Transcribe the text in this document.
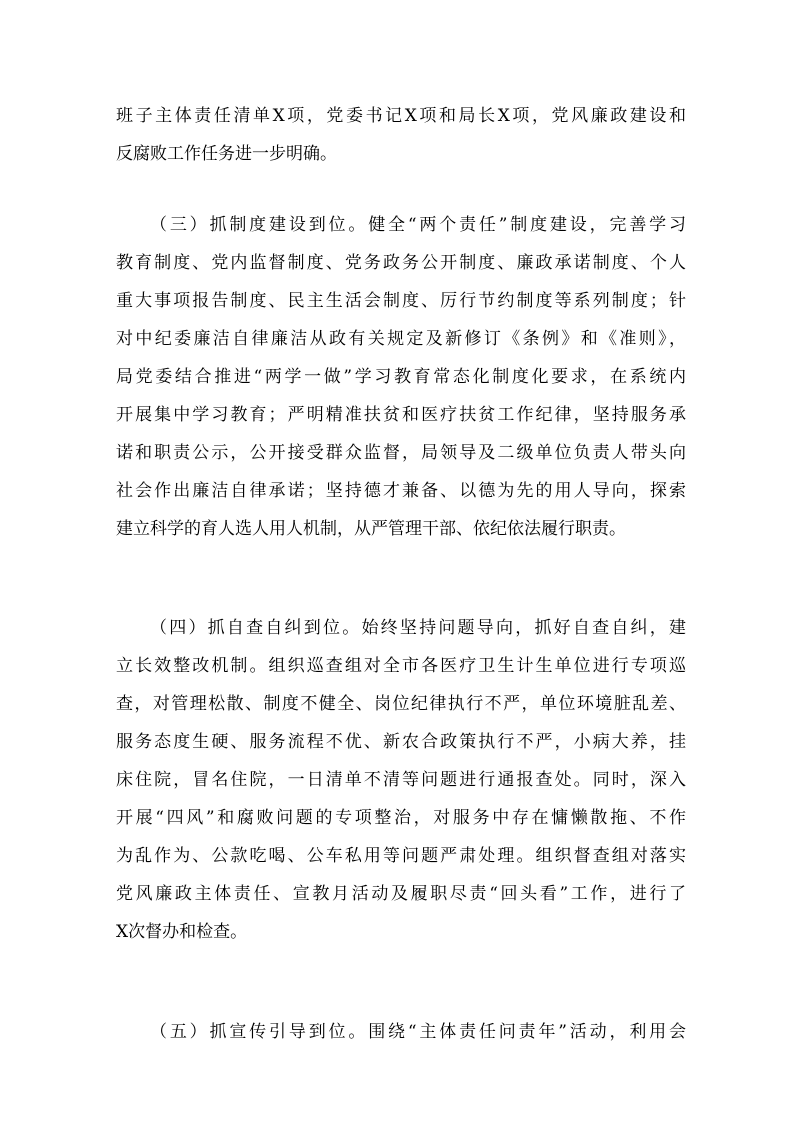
班子主体责任清单X项，党委书记X项和局长X项，党风廉政建设和
反腐败工作任务进一步明确。
（三）抓制度建设到位。健全“两个责任”制度建设，完善学习
教育制度、党内监督制度、党务政务公开制度、廉政承诺制度、个人
重大事项报告制度、民主生活会制度、厉行节约制度等系列制度；针
对中纪委廉洁自律廉洁从政有关规定及新修订《条例》和《准则》，
局党委结合推进“两学一做”学习教育常态化制度化要求，在系统内
开展集中学习教育；严明精准扶贫和医疗扶贫工作纪律，坚持服务承
诺和职责公示，公开接受群众监督，局领导及二级单位负责人带头向
社会作出廉洁自律承诺；坚持德才兼备、以德为先的用人导向，探索
建立科学的育人选人用人机制，从严管理干部、依纪依法履行职责。
（四）抓自查自纠到位。始终坚持问题导向，抓好自查自纠，建
立长效整改机制。组织巡查组对全市各医疗卫生计生单位进行专项巡
查，对管理松散、制度不健全、岗位纪律执行不严，单位环境脏乱差、
服务态度生硬、服务流程不优、新农合政策执行不严，小病大养，挂
床住院，冒名住院，一日清单不清等问题进行通报查处。同时，深入
开展“四风”和腐败问题的专项整治，对服务中存在慵懒散拖、不作
为乱作为、公款吃喝、公车私用等问题严肃处理。组织督查组对落实
党风廉政主体责任、宣教月活动及履职尽责“回头看”工作，进行了
X次督办和检查。
（五）抓宣传引导到位。围绕“主体责任问责年”活动，利用会
